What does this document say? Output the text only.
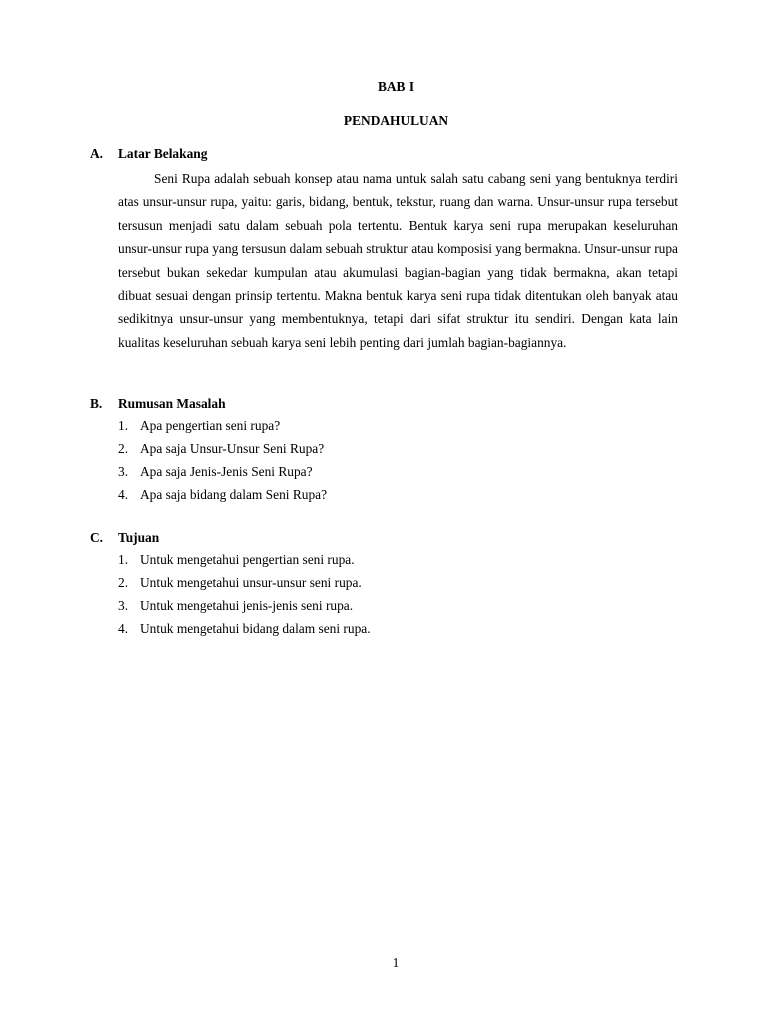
BAB I
PENDAHULUAN
A. Latar Belakang
Seni Rupa adalah sebuah konsep atau nama untuk salah satu cabang seni yang bentuknya terdiri atas unsur-unsur rupa, yaitu: garis, bidang, bentuk, tekstur, ruang dan warna. Unsur-unsur rupa tersebut tersusun menjadi satu dalam sebuah pola tertentu. Bentuk karya seni rupa merupakan keseluruhan unsur-unsur rupa yang tersusun dalam sebuah struktur atau komposisi yang bermakna. Unsur-unsur rupa tersebut bukan sekedar kumpulan atau akumulasi bagian-bagian yang tidak bermakna, akan tetapi dibuat sesuai dengan prinsip tertentu. Makna bentuk karya seni rupa tidak ditentukan oleh banyak atau sedikitnya unsur-unsur yang membentuknya, tetapi dari sifat struktur itu sendiri. Dengan kata lain kualitas keseluruhan sebuah karya seni lebih penting dari jumlah bagian-bagiannya.
B. Rumusan Masalah
1. Apa pengertian seni rupa?
2. Apa saja Unsur-Unsur Seni Rupa?
3. Apa saja Jenis-Jenis Seni Rupa?
4. Apa saja bidang dalam Seni Rupa?
C. Tujuan
1. Untuk mengetahui pengertian seni rupa.
2. Untuk mengetahui unsur-unsur seni rupa.
3. Untuk mengetahui jenis-jenis seni rupa.
4. Untuk mengetahui bidang dalam seni rupa.
1
